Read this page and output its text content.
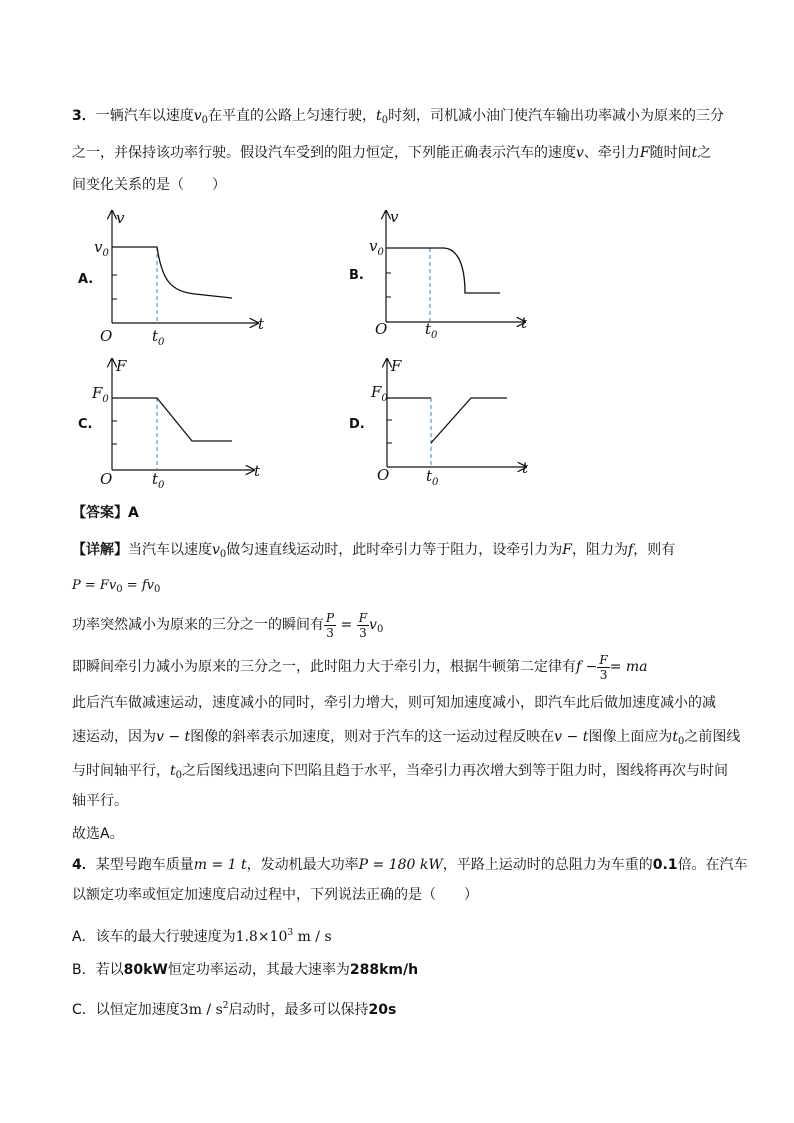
3．一辆汽车以速度$v_0$在平直的公路上匀速行驶，$t_0$时刻，司机减小油门使汽车输出功率减小为原来的三分
之一，并保持该功率行驶。假设汽车受到的阻力恒定，下列能正确表示汽车的速度v、牵引力F随时间t之
间变化关系的是（　　）
A.
v
$v_0$
O
t
$t_0$
B.
v
$v_0$
O	t
$t_0$
C.
F
$F_0$
O	t
$t_0$
D.
F
$F_0$
O	t
$t_0$
【答案】A
【详解】当汽车以速度$v_0$做匀速直线运动时，此时牵引力等于阻力，设牵引力为F，阻力为f，则有
$P = Fv_0 = fv_0$
功率突然减小为原来的三分之一的瞬间有 $\frac{P}{3} = \frac{F}{3} v_0$
即瞬间牵引力减小为原来的三分之一，此时阻力大于牵引力，根据牛顿第二定律有$f - \frac{F}{3}$ = ma
此后汽车做减速运动，速度减小的同时，牵引力增大，则可知加速度减小，即汽车此后做加速度减小的减
速运动，因为v − t图像的斜率表示加速度，则对于汽车的这一运动过程反映在v − t图像上面应为$t_0$之前图线
与时间轴平行，$t_0$之后图线迅速向下凹陷且趋于水平，当牵引力再次增大到等于阻力时，图线将再次与时间
轴平行。
故选A。
4．某型号跑车质量m = 1 t，发动机最大功率P = 180 kW，平路上运动时的总阻力为车重的0.1倍。在汽车
以额定功率或恒定加速度启动过程中，下列说法正确的是（　　）
A．该车的最大行驶速度为$1.8\times 10^3$ m / s
B．若以80kW恒定功率运动，其最大速率为288km/h
C．以恒定加速度$3m / s^2$启动时，最多可以保持20s
